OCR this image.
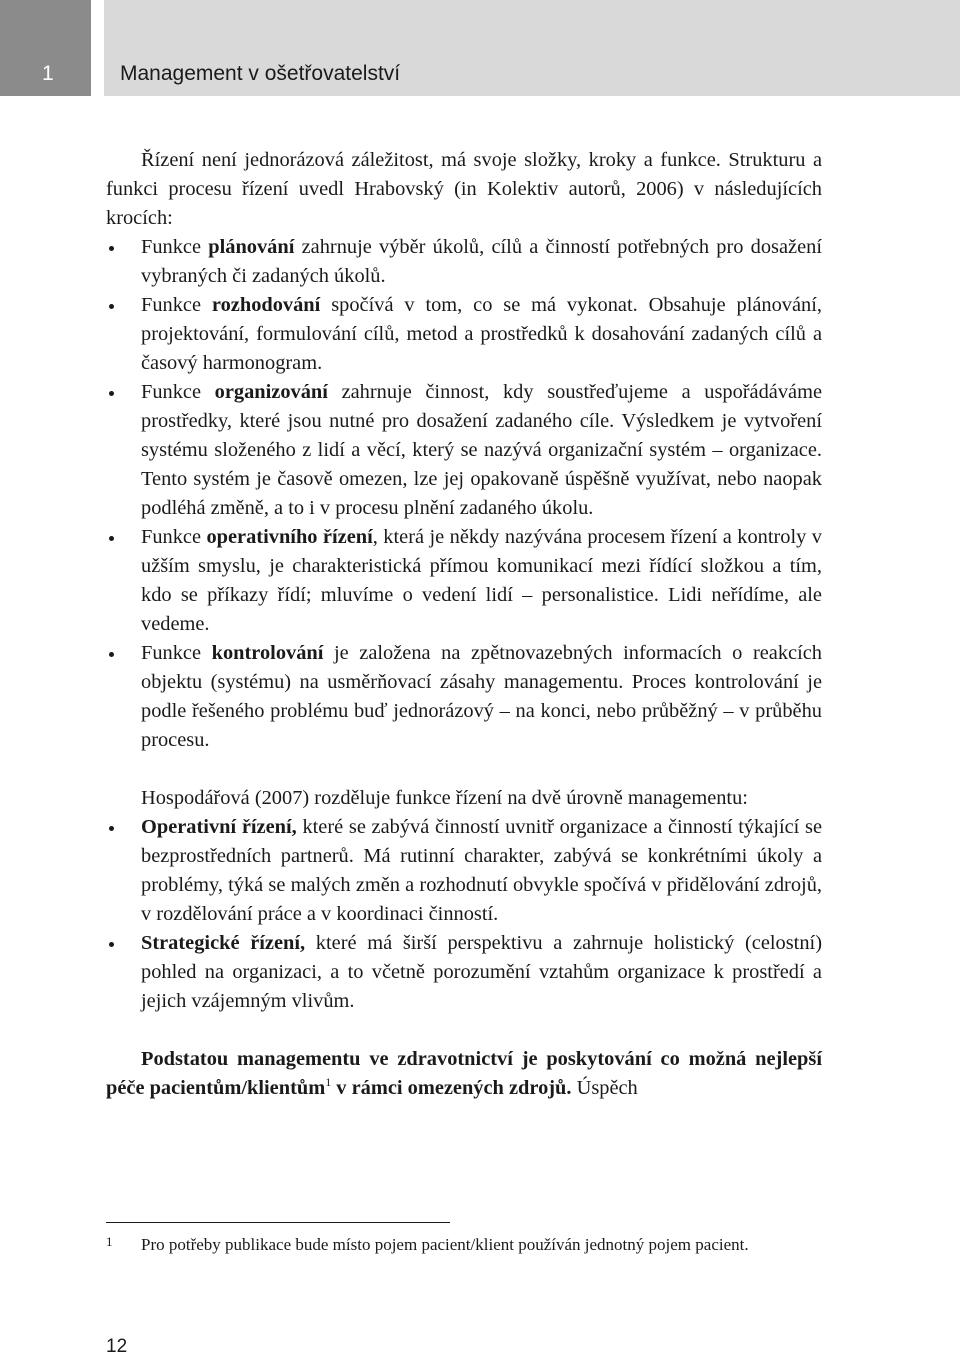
1	Management v ošetřovatelství

Řízení není jednorázová záležitost, má svoje složky, kroky a funkce. Strukturu a funkci procesu řízení uvedl Hrabovský (in Kolektiv autorů, 2006) v následujících krocích:

Funkce plánování zahrnuje výběr úkolů, cílů a činností potřebných pro dosažení vybraných či zadaných úkolů.
Funkce rozhodování spočívá v tom, co se má vykonat. Obsahuje plánování, projektování, formulování cílů, metod a prostředků k dosahování zadaných cílů a časový harmonogram.
Funkce organizování zahrnuje činnost, kdy soustřeďujeme a uspořádáváme prostředky, které jsou nutné pro dosažení zadaného cíle. Výsledkem je vytvoření systému složeného z lidí a věcí, který se nazývá organizační systém – organizace. Tento systém je časově omezen, lze jej opakovaně úspěšně využívat, nebo naopak podléhá změně, a to i v procesu plnění zadaného úkolu.
Funkce operativního řízení, která je někdy nazývána procesem řízení a kontroly v užším smyslu, je charakteristická přímou komunikací mezi řídící složkou a tím, kdo se příkazy řídí; mluvíme o vedení lidí – personalistice. Lidi neřídíme, ale vedeme.
Funkce kontrolování je založena na zpětnovazebných informacích o reakcích objektu (systému) na usměrňovací zásahy managementu. Proces kontrolování je podle řešeného problému buď jednorázový – na konci, nebo průběžný – v průběhu procesu.

Hospodářová (2007) rozděluje funkce řízení na dvě úrovně managementu:

Operativní řízení, které se zabývá činností uvnitř organizace a činností týkající se bezprostředních partnerů. Má rutinní charakter, zabývá se konkrétními úkoly a problémy, týká se malých změn a rozhodnutí obvykle spočívá v přidělování zdrojů, v rozdělování práce a v koordinaci činností.
Strategické řízení, které má širší perspektivu a zahrnuje holistický (celostní) pohled na organizaci, a to včetně porozumění vztahům organizace k prostředí a jejich vzájemným vlivům.

Podstatou managementu ve zdravotnictví je poskytování co možná nejlepší péče pacientům/klientům$^1$ v rámci omezených zdrojů. Úspěch

1 Pro potřeby publikace bude místo pojem pacient/klient používán jednotný pojem pacient.
12
